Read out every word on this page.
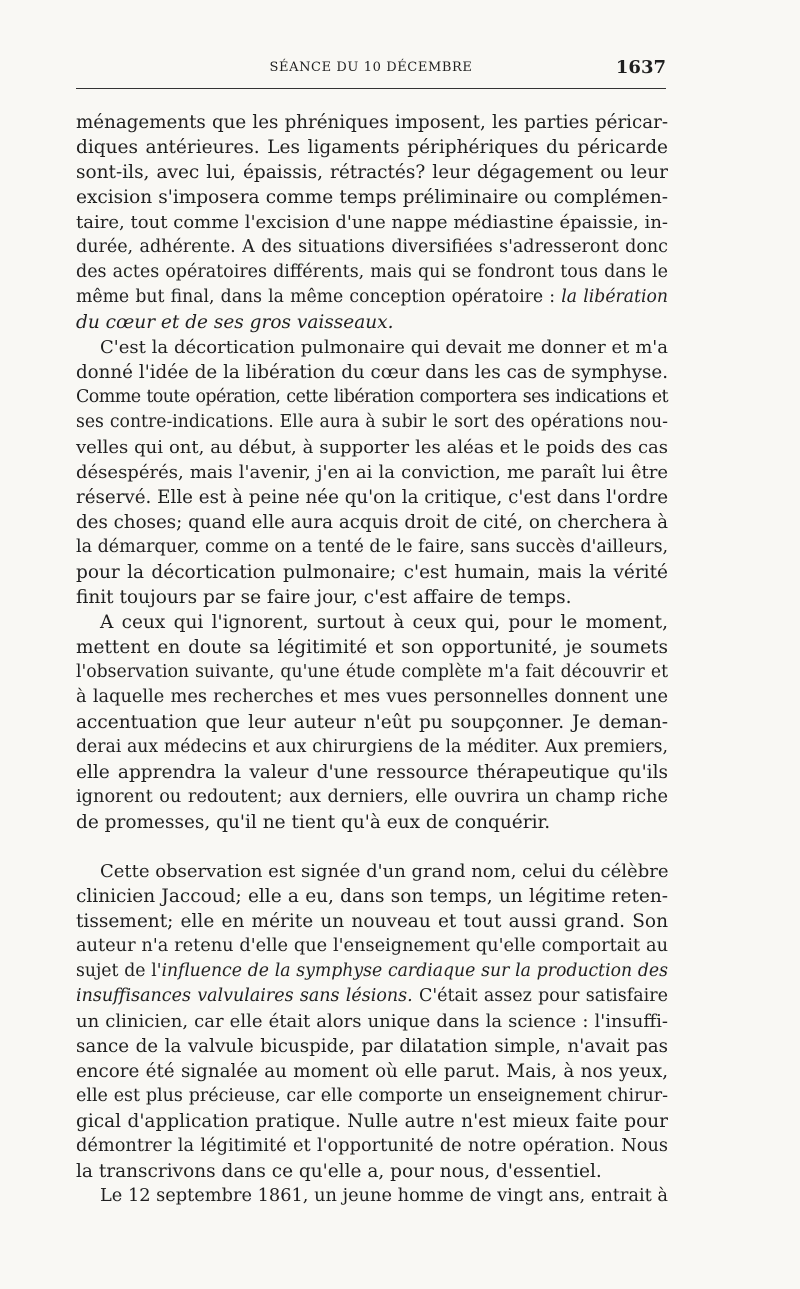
SÉANCE DU 10 DÉCEMBRE	1637
ménagements que les phréniques imposent, les parties péricar-
diques antérieures. Les ligaments périphériques du péricarde
sont-ils, avec lui, épaissis, rétractés? leur dégagement ou leur
excision s'imposera comme temps préliminaire ou complémen-
taire, tout comme l'excision d'une nappe médiastine épaissie, in-
durée, adhérente. A des situations diversifiées s'adresseront donc
des actes opératoires différents, mais qui se fondront tous dans le
même but final, dans la même conception opératoire : la libération
du cœur et de ses gros vaisseaux.
C'est la décortication pulmonaire qui devait me donner et m'a
donné l'idée de la libération du cœur dans les cas de symphyse.
Comme toute opération, cette libération comportera ses indications et
ses contre-indications. Elle aura à subir le sort des opérations nou-
velles qui ont, au début, à supporter les aléas et le poids des cas
désespérés, mais l'avenir, j'en ai la conviction, me paraît lui être
réservé. Elle est à peine née qu'on la critique, c'est dans l'ordre
des choses; quand elle aura acquis droit de cité, on cherchera à
la démarquer, comme on a tenté de le faire, sans succès d'ailleurs,
pour la décortication pulmonaire; c'est humain, mais la vérité
finit toujours par se faire jour, c'est affaire de temps.
A ceux qui l'ignorent, surtout à ceux qui, pour le moment,
mettent en doute sa légitimité et son opportunité, je soumets
l'observation suivante, qu'une étude complète m'a fait découvrir et
à laquelle mes recherches et mes vues personnelles donnent une
accentuation que leur auteur n'eût pu soupçonner. Je deman-
derai aux médecins et aux chirurgiens de la méditer. Aux premiers,
elle apprendra la valeur d'une ressource thérapeutique qu'ils
ignorent ou redoutent; aux derniers, elle ouvrira un champ riche
de promesses, qu'il ne tient qu'à eux de conquérir.
Cette observation est signée d'un grand nom, celui du célèbre
clinicien Jaccoud; elle a eu, dans son temps, un légitime reten-
tissement; elle en mérite un nouveau et tout aussi grand. Son
auteur n'a retenu d'elle que l'enseignement qu'elle comportait au
sujet de l'influence de la symphyse cardiaque sur la production des
insuffisances valvulaires sans lésions. C'était assez pour satisfaire
un clinicien, car elle était alors unique dans la science : l'insuffi-
sance de la valvule bicuspide, par dilatation simple, n'avait pas
encore été signalée au moment où elle parut. Mais, à nos yeux,
elle est plus précieuse, car elle comporte un enseignement chirur-
gical d'application pratique. Nulle autre n'est mieux faite pour
démontrer la légitimité et l'opportunité de notre opération. Nous
la transcrivons dans ce qu'elle a, pour nous, d'essentiel.
Le 12 septembre 1861, un jeune homme de vingt ans, entrait à
